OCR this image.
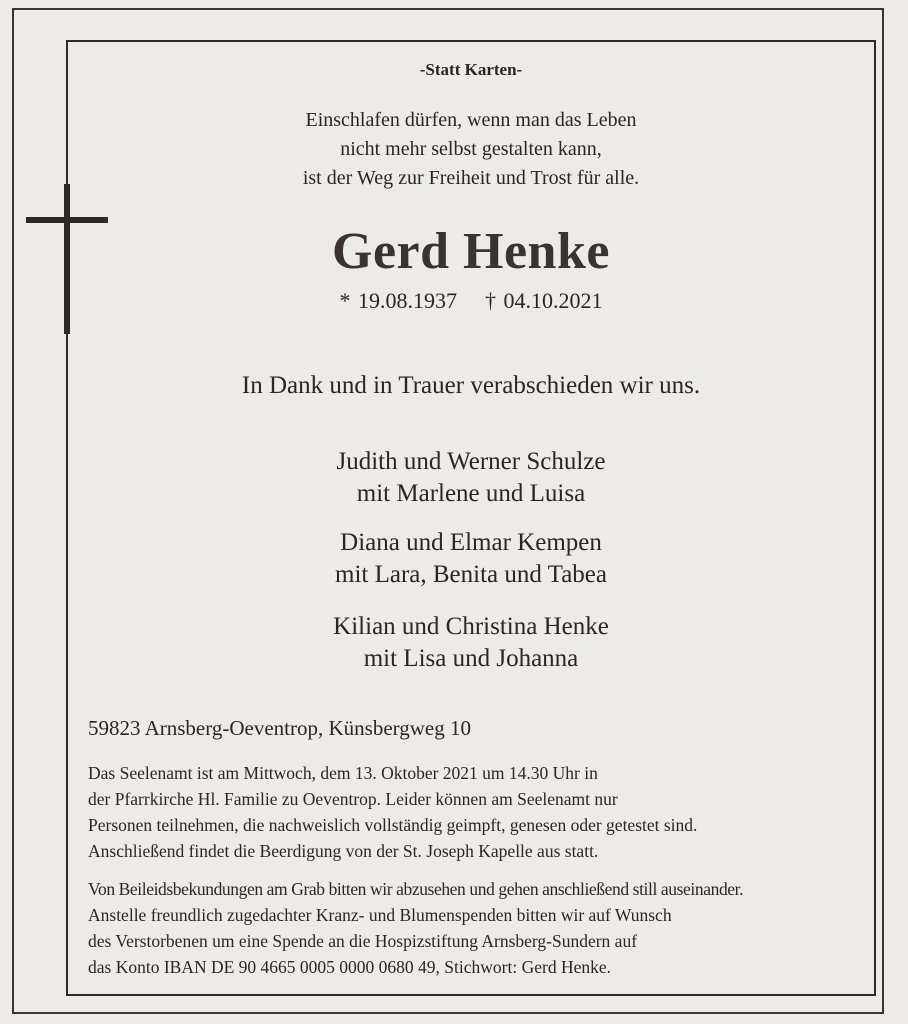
-Statt Karten-

Einschlafen dürfen, wenn man das Leben
nicht mehr selbst gestalten kann,
ist der Weg zur Freiheit und Trost für alle.

Gerd Henke

* 19.08.1937 † 04.10.2021

In Dank und in Trauer verabschieden wir uns.

Judith und Werner Schulze
mit Marlene und Luisa

Diana und Elmar Kempen
mit Lara, Benita und Tabea

Kilian und Christina Henke
mit Lisa und Johanna

59823 Arnsberg-Oeventrop, Künsbergweg 10

Das Seelenamt ist am Mittwoch, dem 13. Oktober 2021 um 14.30 Uhr in
der Pfarrkirche Hl. Familie zu Oeventrop. Leider können am Seelenamt nur
Personen teilnehmen, die nachweislich vollständig geimpft, genesen oder getestet sind.
Anschließend findet die Beerdigung von der St. Joseph Kapelle aus statt.

Von Beileidsbekundungen am Grab bitten wir abzusehen und gehen anschließend still auseinander.
Anstelle freundlich zugedachter Kranz- und Blumenspenden bitten wir auf Wunsch
des Verstorbenen um eine Spende an die Hospizstiftung Arnsberg-Sundern auf
das Konto IBAN DE 90 4665 0005 0000 0680 49, Stichwort: Gerd Henke.
